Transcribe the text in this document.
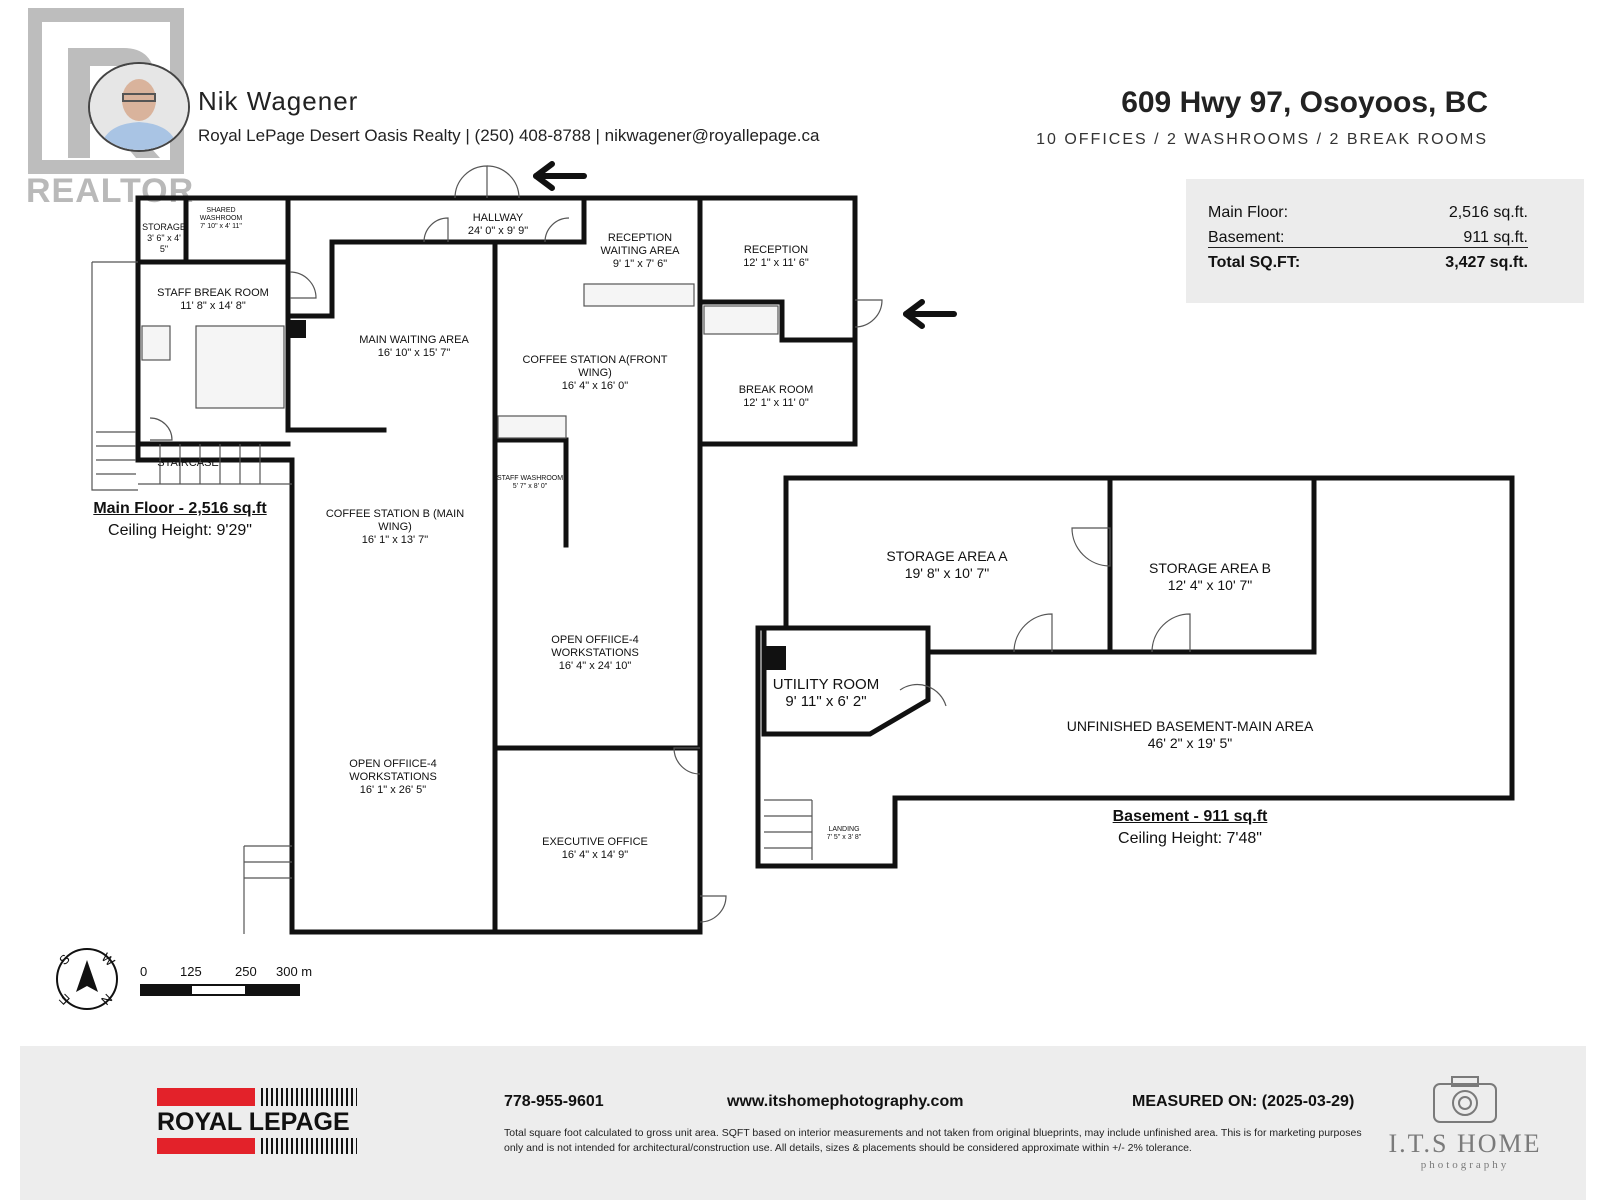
REALTOR
Nik Wagener
Royal LePage Desert Oasis Realty | (250) 408-8788 | nikwagener@royallepage.ca
609 Hwy 97, Osoyoos, BC
10 OFFICES / 2 WASHROOMS / 2 BREAK ROOMS
Main Floor:	2,516 sq.ft.
Basement:	911 sq.ft.
Total SQ.FT:	3,427 sq.ft.
STORAGE
3' 6" x 4' 5"
SHARED WASHROOM
7' 10" x 4' 11"
HALLWAY
24' 0" x 9' 9"
RECEPTION WAITING AREA
9' 1" x 7' 6"
RECEPTION
12' 1" x 11' 6"
STAFF BREAK ROOM
11' 8" x 14' 8"
MAIN WAITING AREA
16' 10" x 15' 7"
COFFEE STATION A(FRONT WING)
16' 4" x 16' 0"	BREAK ROOM
12' 1" x 11' 0"
STAIRCASE
STAFF WASHROOM
5' 7" x 8' 0"
COFFEE STATION B (MAIN WING)
16' 1" x 13' 7"
OPEN OFFIICE-4 WORKSTATIONS
16' 4" x 24' 10"
OPEN OFFIICE-4 WORKSTATIONS
16' 1" x 26' 5"
EXECUTIVE OFFICE
16' 4" x 14' 9"
Main Floor - 2,516 sq.ft
Ceiling Height: 9'29"
STORAGE AREA A
19' 8" x 10' 7"	STORAGE AREA B
12' 4" x 10' 7"
UTILITY ROOM
9' 11" x 6' 2"
UNFINISHED BASEMENT-MAIN AREA
46' 2" x 19' 5"
LANDING
7' 5" x 3' 8"
Basement - 911 sq.ft
Ceiling Height: 7'48"
S W
N
E
0	125	250 300 m
ROYAL LEPAGE
778-955-9601	www.itshomephotography.com	MEASURED ON: (2025-03-29)
Total square foot calculated to gross unit area. SQFT based on interior measurements and not taken from original blueprints, may include unfinished area. This is for marketing purposes only and is not intended for architectural/construction use. All details, sizes & placements should be considered approximate within +/- 2% tolerance.	I.T.S HOME
photography
